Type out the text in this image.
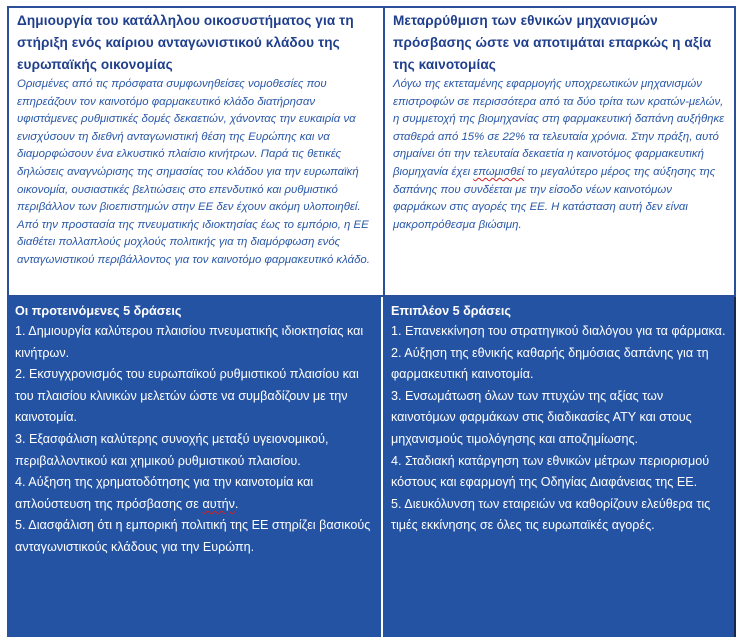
Δημιουργία του κατάλληλου οικοσυστήματος για τη στήριξη ενός καίριου ανταγωνιστικού κλάδου της ευρωπαϊκής οικονομίας
Ορισμένες από τις πρόσφατα συμφωνηθείσες νομοθεσίες που επηρεάζουν τον καινοτόμο φαρμακευτικό κλάδο διατήρησαν υφιστάμενες ρυθμιστικές δομές δεκαετιών, χάνοντας την ευκαιρία να ενισχύσουν τη διεθνή ανταγωνιστική θέση της Ευρώπης και να διαμορφώσουν ένα ελκυστικό πλαίσιο κινήτρων. Παρά τις θετικές δηλώσεις αναγνώρισης της σημασίας του κλάδου για την ευρωπαϊκή οικονομία, ουσιαστικές βελτιώσεις στο επενδυτικό και ρυθμιστικό περιβάλλον των βιοεπιστημών στην ΕΕ δεν έχουν ακόμη υλοποιηθεί. Από την προστασία της πνευματικής ιδιοκτησίας έως το εμπόριο, η ΕΕ διαθέτει πολλαπλούς μοχλούς πολιτικής για τη διαμόρφωση ενός ανταγωνιστικού περιβάλλοντος για τον καινοτόμο φαρμακευτικό κλάδο.
Μεταρρύθμιση των εθνικών μηχανισμών πρόσβασης ώστε να αποτιμάται επαρκώς η αξία της καινοτομίας
Λόγω της εκτεταμένης εφαρμογής υποχρεωτικών μηχανισμών επιστροφών σε περισσότερα από τα δύο τρίτα των κρατών-μελών, η συμμετοχή της βιομηχανίας στη φαρμακευτική δαπάνη αυξήθηκε σταθερά από 15% σε 22% τα τελευταία χρόνια. Στην πράξη, αυτό σημαίνει ότι την τελευταία δεκαετία η καινοτόμος φαρμακευτική βιομηχανία έχει επωμισθεί το μεγαλύτερο μέρος της αύξησης της δαπάνης που συνδέεται με την είσοδο νέων καινοτόμων φαρμάκων στις αγορές της ΕΕ. Η κατάσταση αυτή δεν είναι μακροπρόθεσμα βιώσιμη.
Οι προτεινόμενες 5 δράσεις
1. Δημιουργία καλύτερου πλαισίου πνευματικής ιδιοκτησίας και κινήτρων.
2. Εκσυγχρονισμός του ευρωπαϊκού ρυθμιστικού πλαισίου και του πλαισίου κλινικών μελετών ώστε να συμβαδίζουν με την καινοτομία.
3. Εξασφάλιση καλύτερης συνοχής μεταξύ υγειονομικού, περιβαλλοντικού και χημικού ρυθμιστικού πλαισίου.
4. Αύξηση της χρηματοδότησης για την καινοτομία και απλούστευση της πρόσβασης σε αυτήν.
5. Διασφάλιση ότι η εμπορική πολιτική της ΕΕ στηρίζει βασικούς ανταγωνιστικούς κλάδους για την Ευρώπη.
Επιπλέον 5 δράσεις
1. Επανεκκίνηση του στρατηγικού διαλόγου για τα φάρμακα.
2. Αύξηση της εθνικής καθαρής δημόσιας δαπάνης για τη φαρμακευτική καινοτομία.
3. Ενσωμάτωση όλων των πτυχών της αξίας των καινοτόμων φαρμάκων στις διαδικασίες ΑΤΥ και στους μηχανισμούς τιμολόγησης και αποζημίωσης.
4. Σταδιακή κατάργηση των εθνικών μέτρων περιορισμού κόστους και εφαρμογή της Οδηγίας Διαφάνειας της ΕΕ.
5. Διευκόλυνση των εταιρειών να καθορίζουν ελεύθερα τις τιμές εκκίνησης σε όλες τις ευρωπαϊκές αγορές.
